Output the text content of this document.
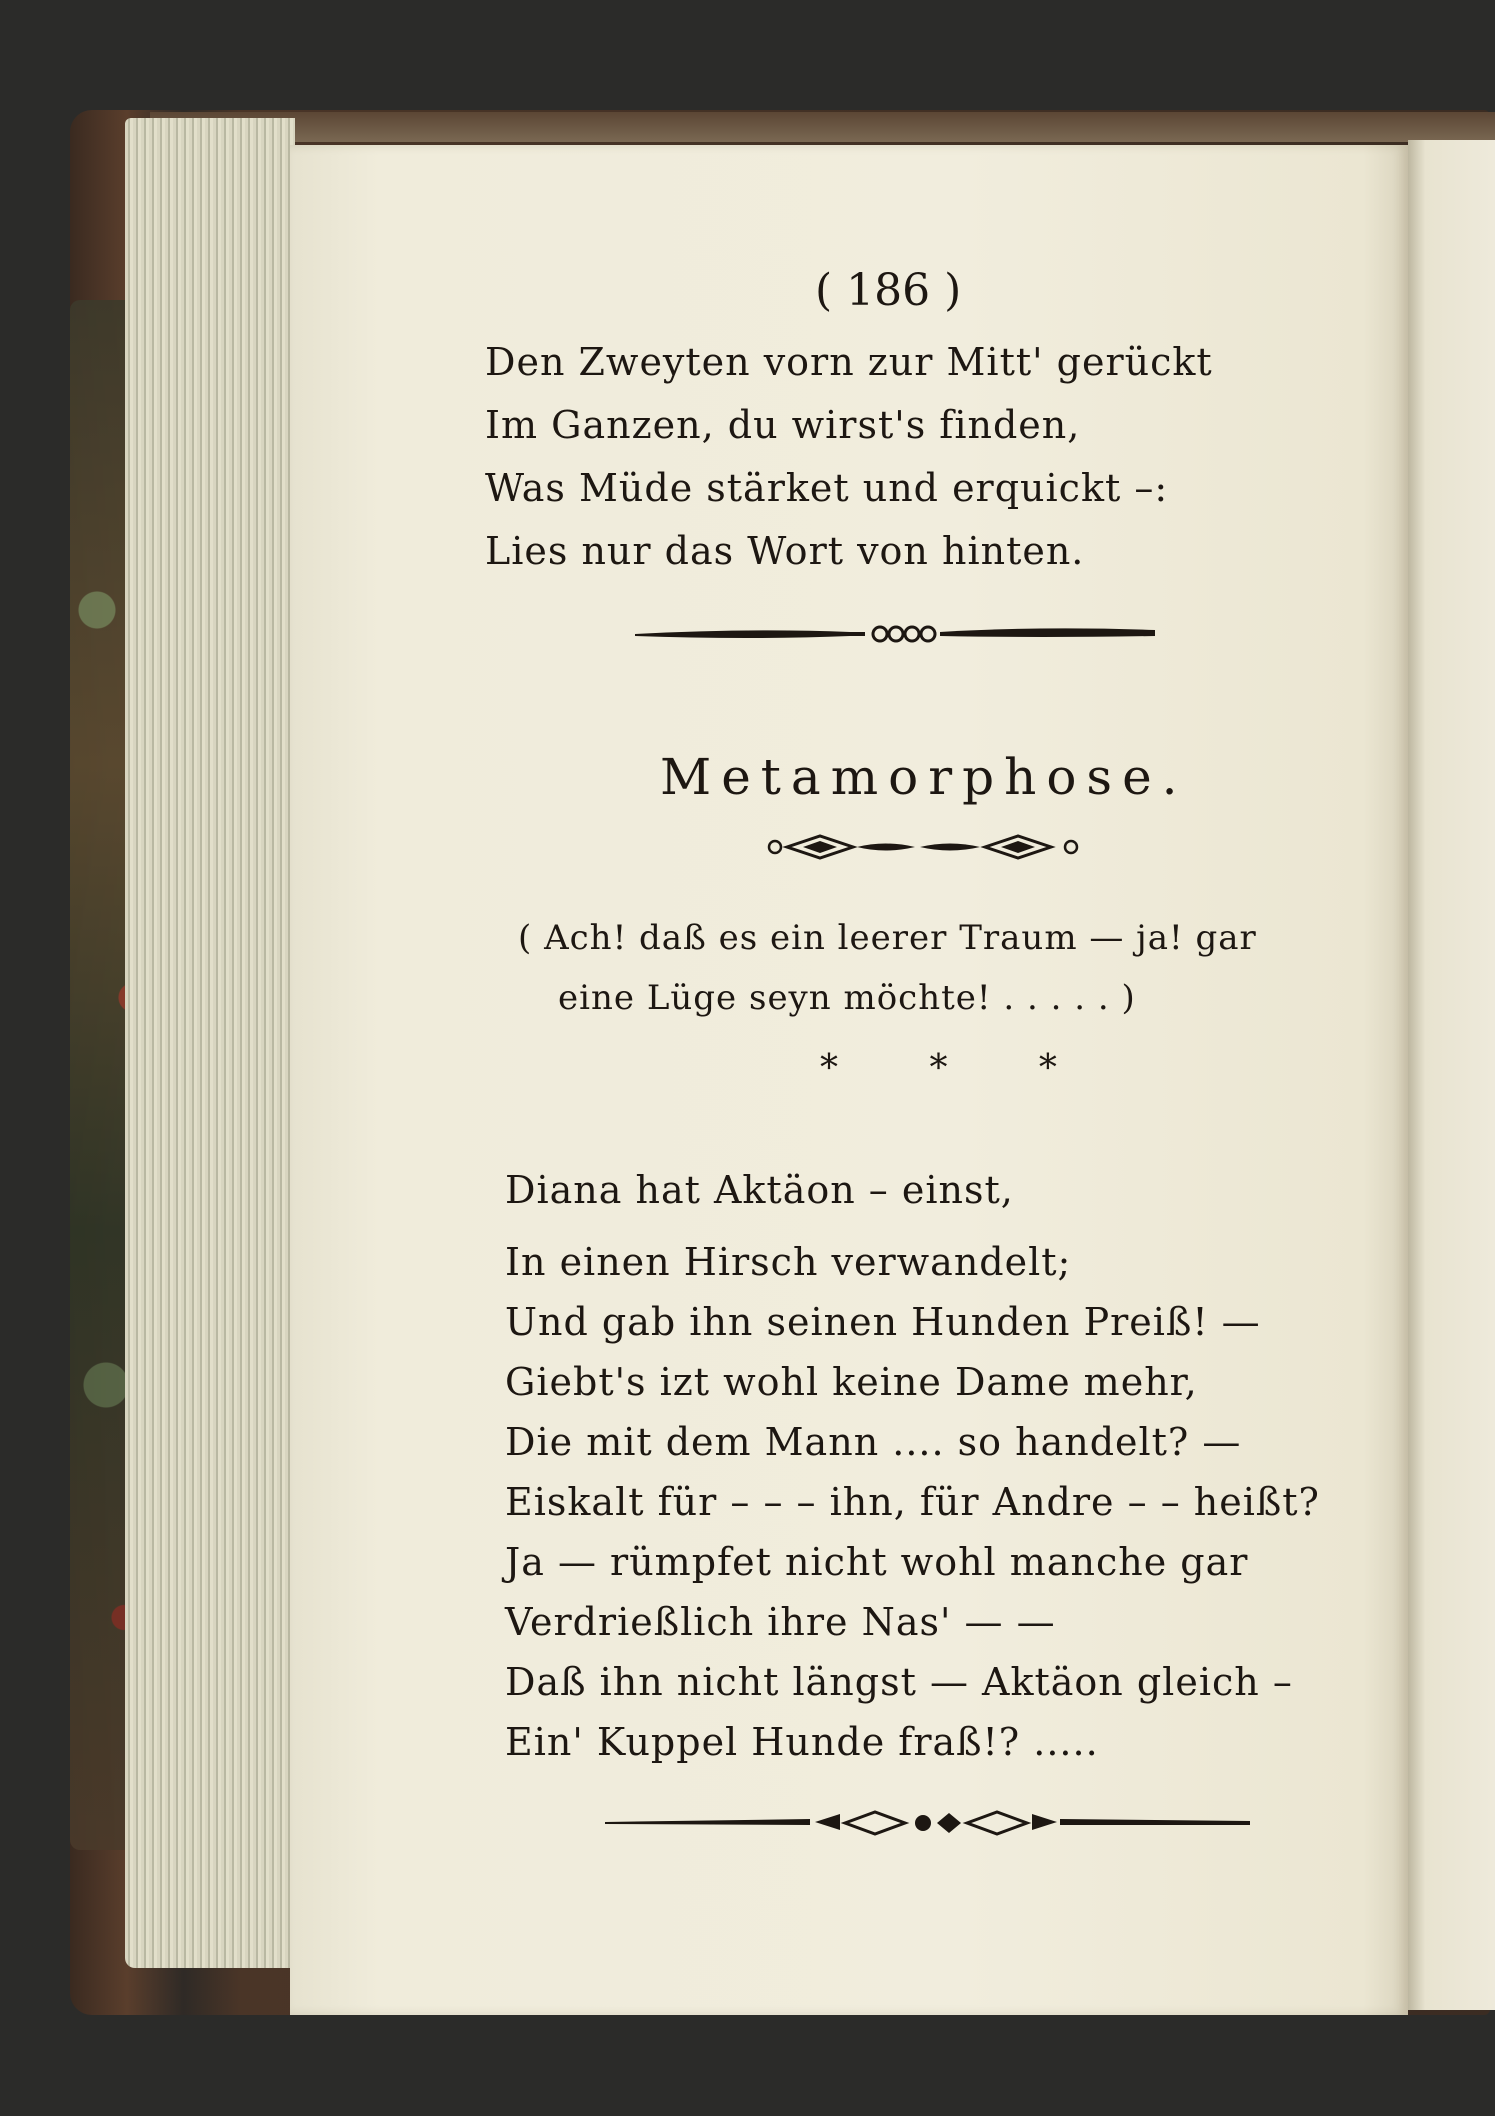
( 186 )
Den Zweyten vorn zur Mitt' gerückt
Im Ganzen, du wirst's finden,
Was Müde stärket und erquickt –:
Lies nur das Wort von hinten.
Metamorphose.
( Ach! daß es ein leerer Traum — ja! gar
eine Lüge seyn möchte! . . . . . )
* * *
Diana hat Aktäon – einst,
In einen Hirsch verwandelt;
Und gab ihn seinen Hunden Preiß! —
Giebt's izt wohl keine Dame mehr,
Die mit dem Mann .... so handelt? —
Eiskalt für – – – ihn, für Andre – – heißt?
Ja — rümpfet nicht wohl manche gar
Verdrießlich ihre Nas' — —
Daß ihn nicht längst — Aktäon gleich –
Ein' Kuppel Hunde fraß!? .....
